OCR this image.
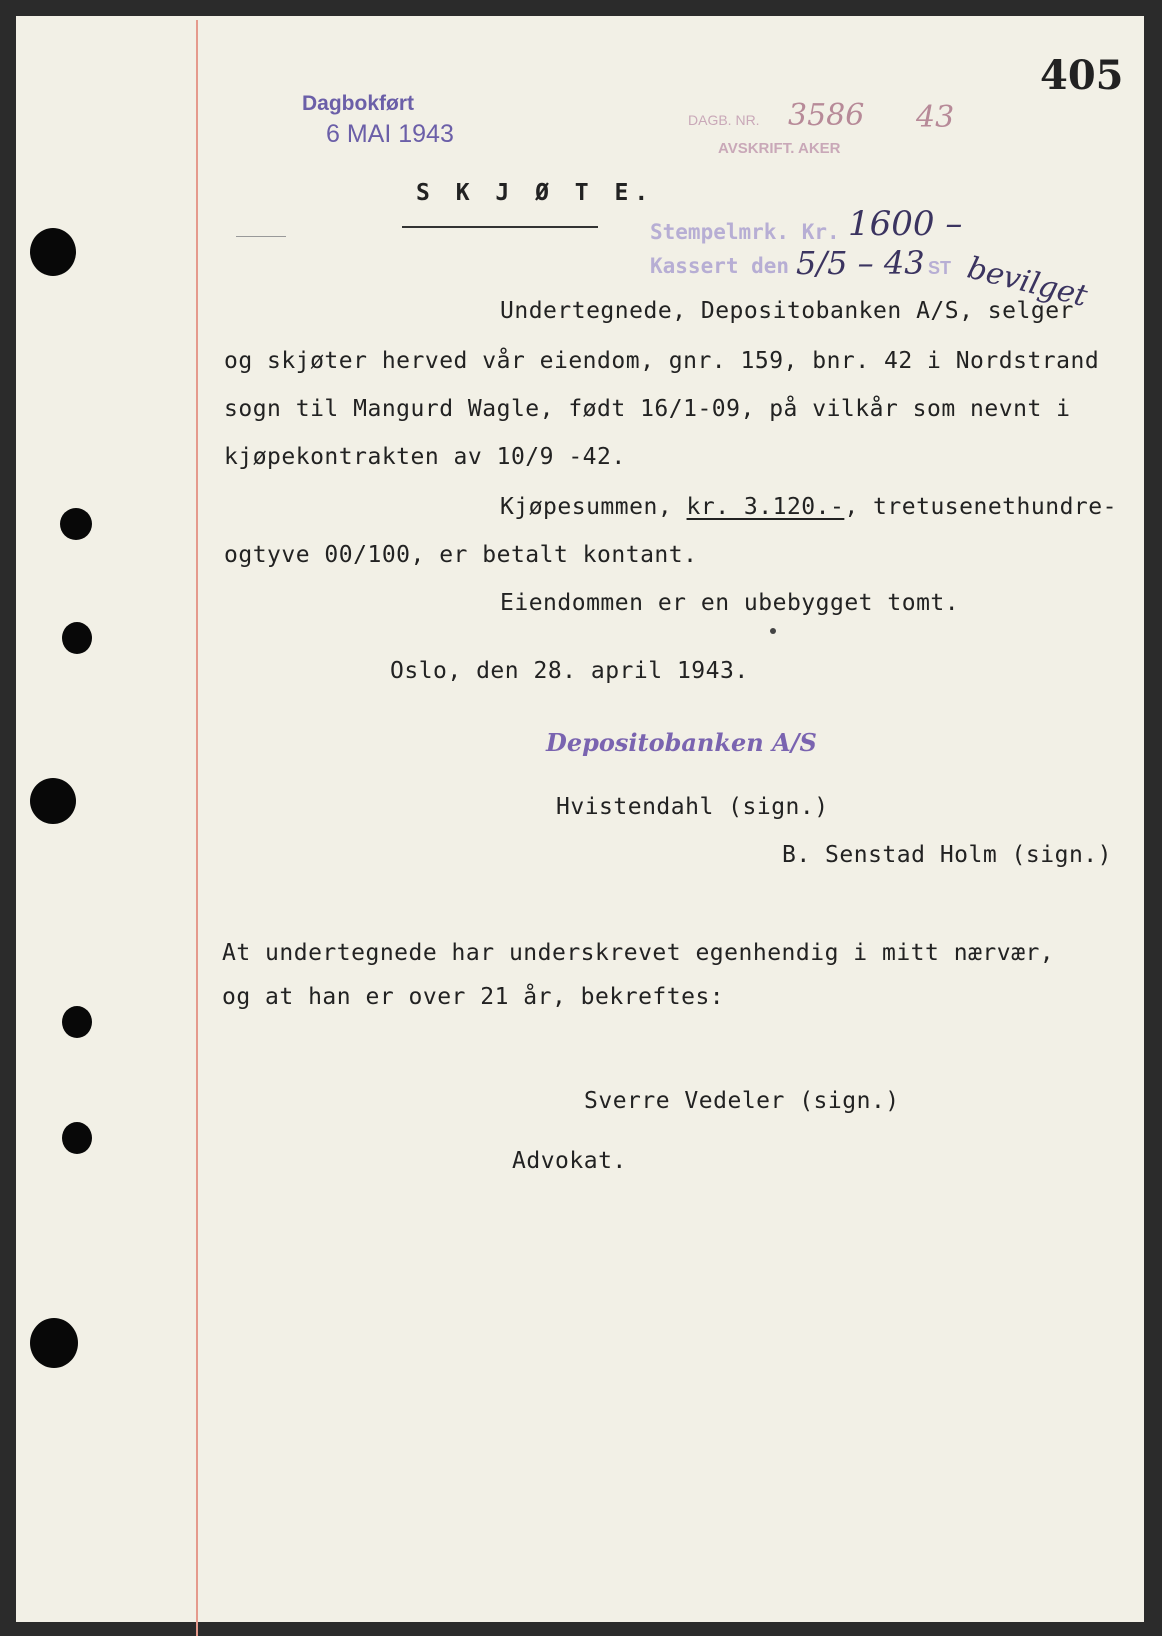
405
Dagbokført
6 MAI 1943	DAGB. NR. 3586 43
AVSKRIFT. AKER
S K J Ø T E.
Stempelmrk. Kr. 1600 –
Kassert den 5/5 – 43 ST bevilget
Undertegnede, Depositobanken A/S, selger
og skjøter herved vår eiendom, gnr. 159, bnr. 42 i Nordstrand
sogn til Mangurd Wagle, født 16/1-09, på vilkår som nevnt i
kjøpekontrakten av 10/9 -42.
Kjøpesummen, kr. 3.120.-, tretusenethundre-
ogtyve 00/100, er betalt kontant.
Eiendommen er en ubebygget tomt.
Oslo, den 28. april 1943.
Depositobanken A/S
Hvistendahl (sign.)
B. Senstad Holm (sign.)
At undertegnede har underskrevet egenhendig i mitt nærvær,
og at han er over 21 år, bekreftes:
Sverre Vedeler (sign.)
Advokat.
